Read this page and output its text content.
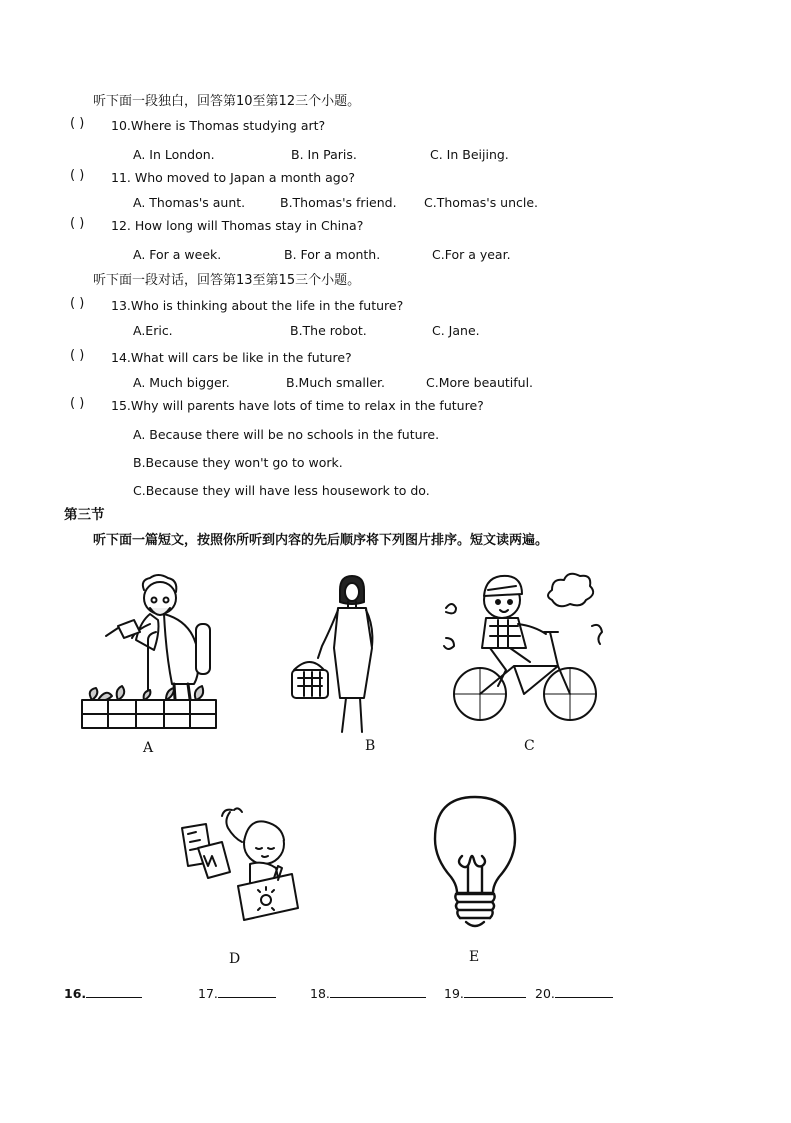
听下面一段独白，回答第10至第12三个小题。
( ) 10.Where is Thomas studying art?
A. In London.	B. In Paris.	C. In Beijing.
( ) 11. Who moved to Japan a month ago?
A. Thomas's aunt.	B.Thomas's friend. C.Thomas's uncle.
( ) 12. How long will Thomas stay in China?
A. For a week.	B. For a month.	C.For a year.
听下面一段对话，回答第13至第15三个小题。
( ) 13.Who is thinking about the life in the future?
A.Eric.	B.The robot.	C. Jane.
( ) 14.What will cars be like in the future?
A. Much bigger.	B.Much smaller.	C.More beautiful.
( ) 15.Why will parents have lots of time to relax in the future?
A. Because there will be no schools in the future.
B.Because they won't go to work.
C.Because they will have less housework to do.
第三节
听下面一篇短文，按照你所听到内容的先后顺序将下列图片排序。短文读两遍。
A	B	C
D	E
16.	17.	18.	19.	20.
